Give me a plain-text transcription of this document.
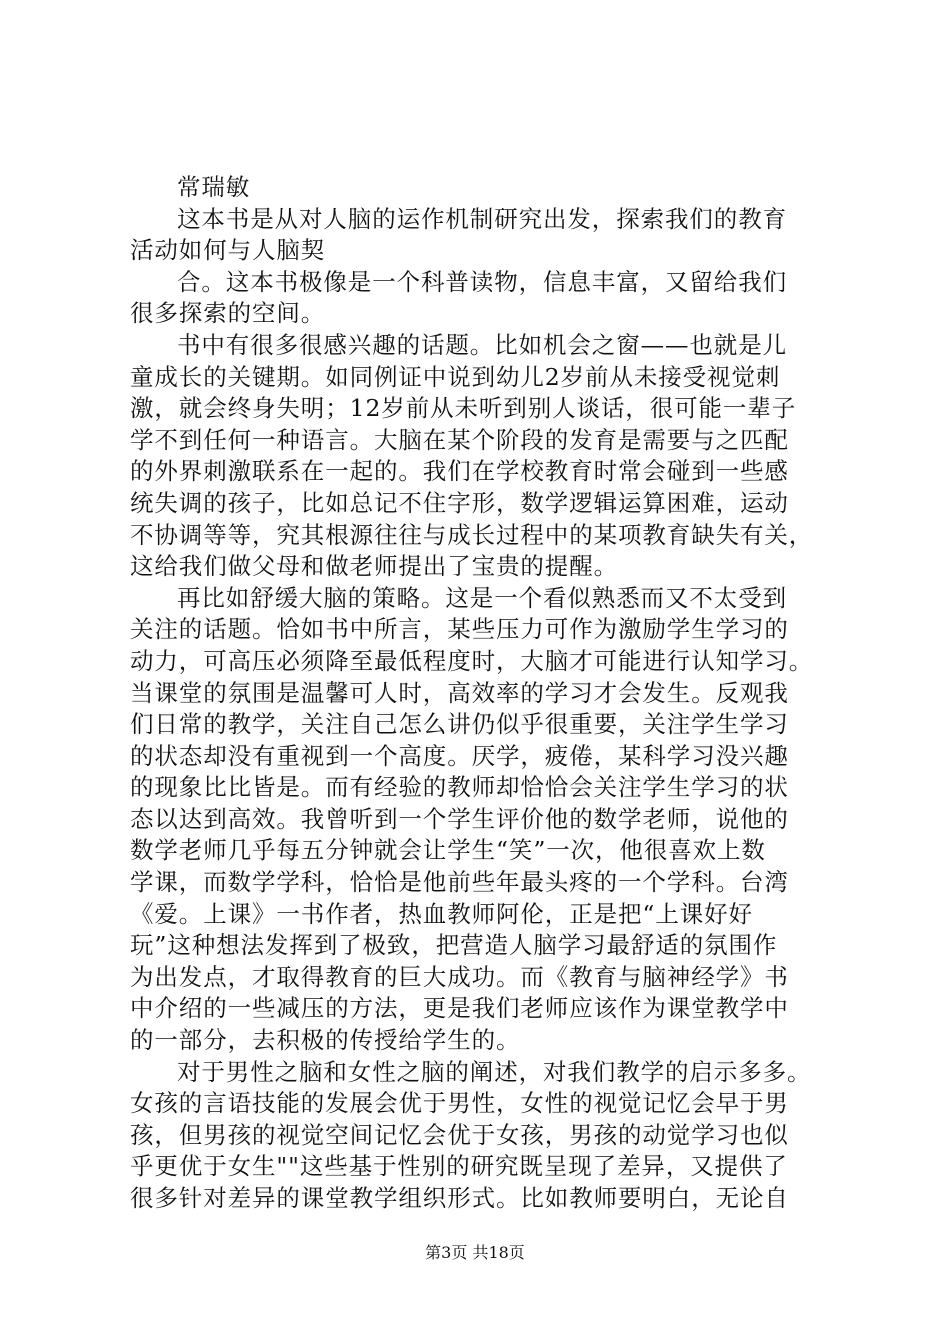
常瑞敏
这本书是从对人脑的运作机制研究出发，探索我们的教育
活动如何与人脑契
合。这本书极像是一个科普读物，信息丰富，又留给我们
很多探索的空间。
书中有很多很感兴趣的话题。比如机会之窗——也就是儿
童成长的关键期。如同例证中说到幼儿2岁前从未接受视觉刺
激，就会终身失明；12岁前从未听到别人谈话，很可能一辈子
学不到任何一种语言。大脑在某个阶段的发育是需要与之匹配
的外界刺激联系在一起的。我们在学校教育时常会碰到一些感
统失调的孩子，比如总记不住字形，数学逻辑运算困难，运动
不协调等等，究其根源往往与成长过程中的某项教育缺失有关，
这给我们做父母和做老师提出了宝贵的提醒。
再比如舒缓大脑的策略。这是一个看似熟悉而又不太受到
关注的话题。恰如书中所言，某些压力可作为激励学生学习的
动力，可高压必须降至最低程度时，大脑才可能进行认知学习。
当课堂的氛围是温馨可人时，高效率的学习才会发生。反观我
们日常的教学，关注自己怎么讲仍似乎很重要，关注学生学习
的状态却没有重视到一个高度。厌学，疲倦，某科学习没兴趣
的现象比比皆是。而有经验的教师却恰恰会关注学生学习的状
态以达到高效。我曾听到一个学生评价他的数学老师，说他的
数学老师几乎每五分钟就会让学生“笑”一次，他很喜欢上数
学课，而数学学科，恰恰是他前些年最头疼的一个学科。台湾
《爱。上课》一书作者，热血教师阿伦，正是把“上课好好
玩”这种想法发挥到了极致，把营造人脑学习最舒适的氛围作
为出发点，才取得教育的巨大成功。而《教育与脑神经学》书
中介绍的一些减压的方法，更是我们老师应该作为课堂教学中
的一部分，去积极的传授给学生的。
对于男性之脑和女性之脑的阐述，对我们教学的启示多多。
女孩的言语技能的发展会优于男性，女性的视觉记忆会早于男
孩，但男孩的视觉空间记忆会优于女孩，男孩的动觉学习也似
乎更优于女生""这些基于性别的研究既呈现了差异，又提供了
很多针对差异的课堂教学组织形式。比如教师要明白，无论自
第3页 共18页
